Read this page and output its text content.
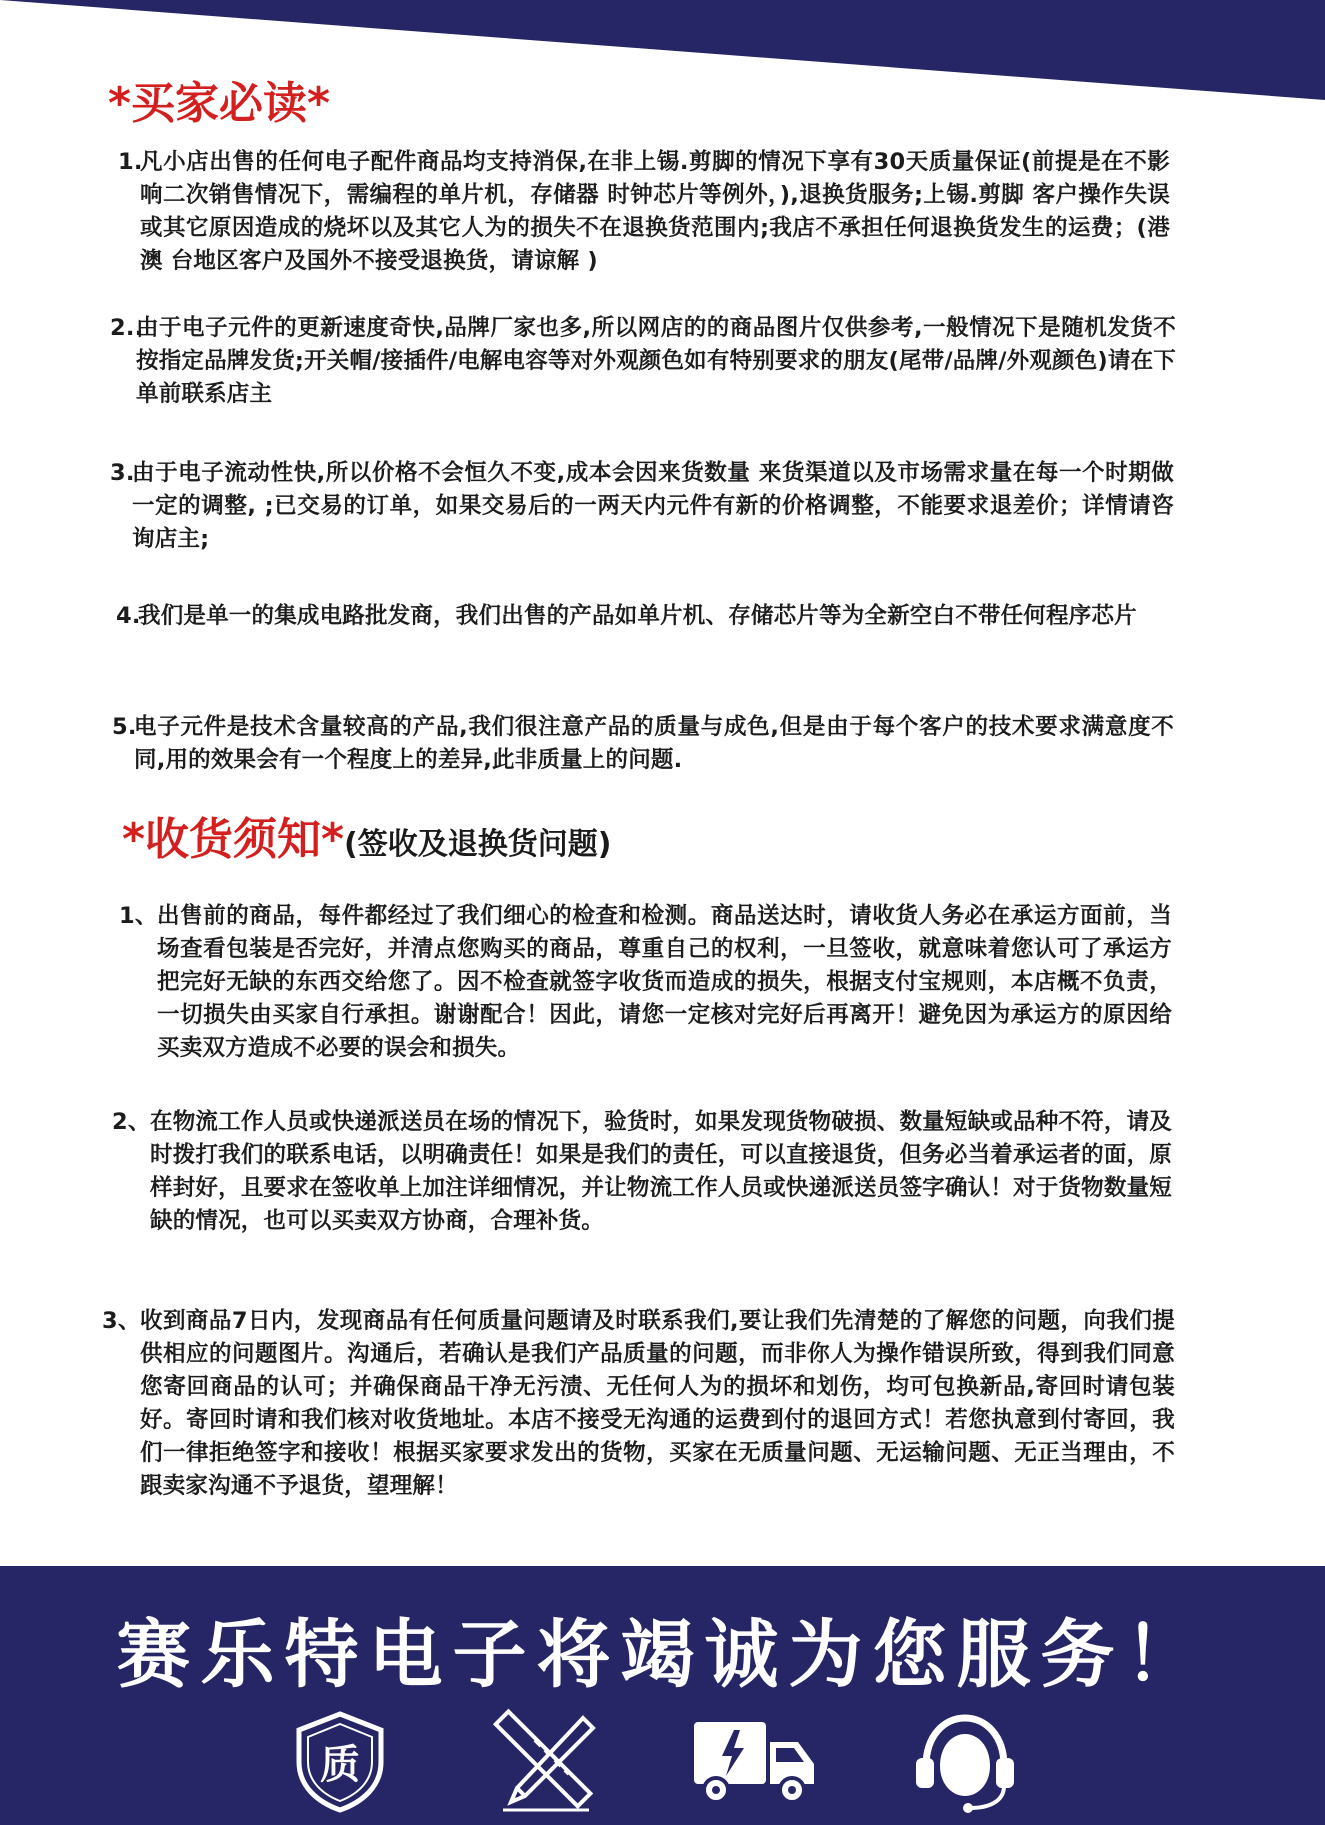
*买家必读*
1.
凡小店出售的任何电子配件商品均支持消保,在非上锡.剪脚的情况下享有30天质量保证(前提是在不影响二次销售情况下，需编程的单片机，存储器 时钟芯片等例外，),退换货服务;上锡.剪脚 客户操作失误或其它原因造成的烧坏以及其它人为的损失不在退换货范围内;我店不承担任何退换货发生的运费；(港 澳 台地区客户及国外不接受退换货，请谅解 )
2..
由于电子元件的更新速度奇快,品牌厂家也多,所以网店的的商品图片仅供参考,一般情况下是随机发货不按指定品牌发货;开关帽/接插件/电解电容等对外观颜色如有特别要求的朋友(尾带/品牌/外观颜色)请在下单前联系店主
3.
由于电子流动性快,所以价格不会恒久不变,成本会因来货数量 来货渠道以及市场需求量在每一个时期做一定的调整, ;已交易的订单，如果交易后的一两天内元件有新的价格调整，不能要求退差价；详情请咨询店主;
4.
我们是单一的集成电路批发商，我们出售的产品如单片机、存储芯片等为全新空白不带任何程序芯片
5.
电子元件是技术含量较高的产品,我们很注意产品的质量与成色,但是由于每个客户的技术要求满意度不同,用的效果会有一个程度上的差异,此非质量上的问题.
*收货须知*(签收及退换货问题)
1、 出售前的商品，每件都经过了我们细心的检查和检测。商品送达时，请收货人务必在承运方面前，当场查看包装是否完好，并清点您购买的商品，尊重自己的权利，一旦签收，就意味着您认可了承运方把完好无缺的东西交给您了。因不检查就签字收货而造成的损失，根据支付宝规则，本店概不负责，一切损失由买家自行承担。谢谢配合！因此，请您一定核对完好后再离开！避免因为承运方的原因给买卖双方造成不必要的误会和损失。
2、 在物流工作人员或快递派送员在场的情况下，验货时，如果发现货物破损、数量短缺或品种不符，请及时拨打我们的联系电话，以明确责任！如果是我们的责任，可以直接退货，但务必当着承运者的面，原样封好，且要求在签收单上加注详细情况，并让物流工作人员或快递派送员签字确认！对于货物数量短缺的情况，也可以买卖双方协商，合理补货。
3、 收到商品7日内，发现商品有任何质量问题请及时联系我们,要让我们先清楚的了解您的问题，向我们提供相应的问题图片。沟通后，若确认是我们产品质量的问题，而非你人为操作错误所致，得到我们同意您寄回商品的认可；并确保商品干净无污渍、无任何人为的损坏和划伤，均可包换新品,寄回时请包装好。寄回时请和我们核对收货地址。本店不接受无沟通的运费到付的退回方式！若您执意到付寄回，我们一律拒绝签字和接收！根据买家要求发出的货物，买家在无质量问题、无运输问题、无正当理由，不跟卖家沟通不予退货，望理解！
赛乐特电子将竭诚为您服务！
质
